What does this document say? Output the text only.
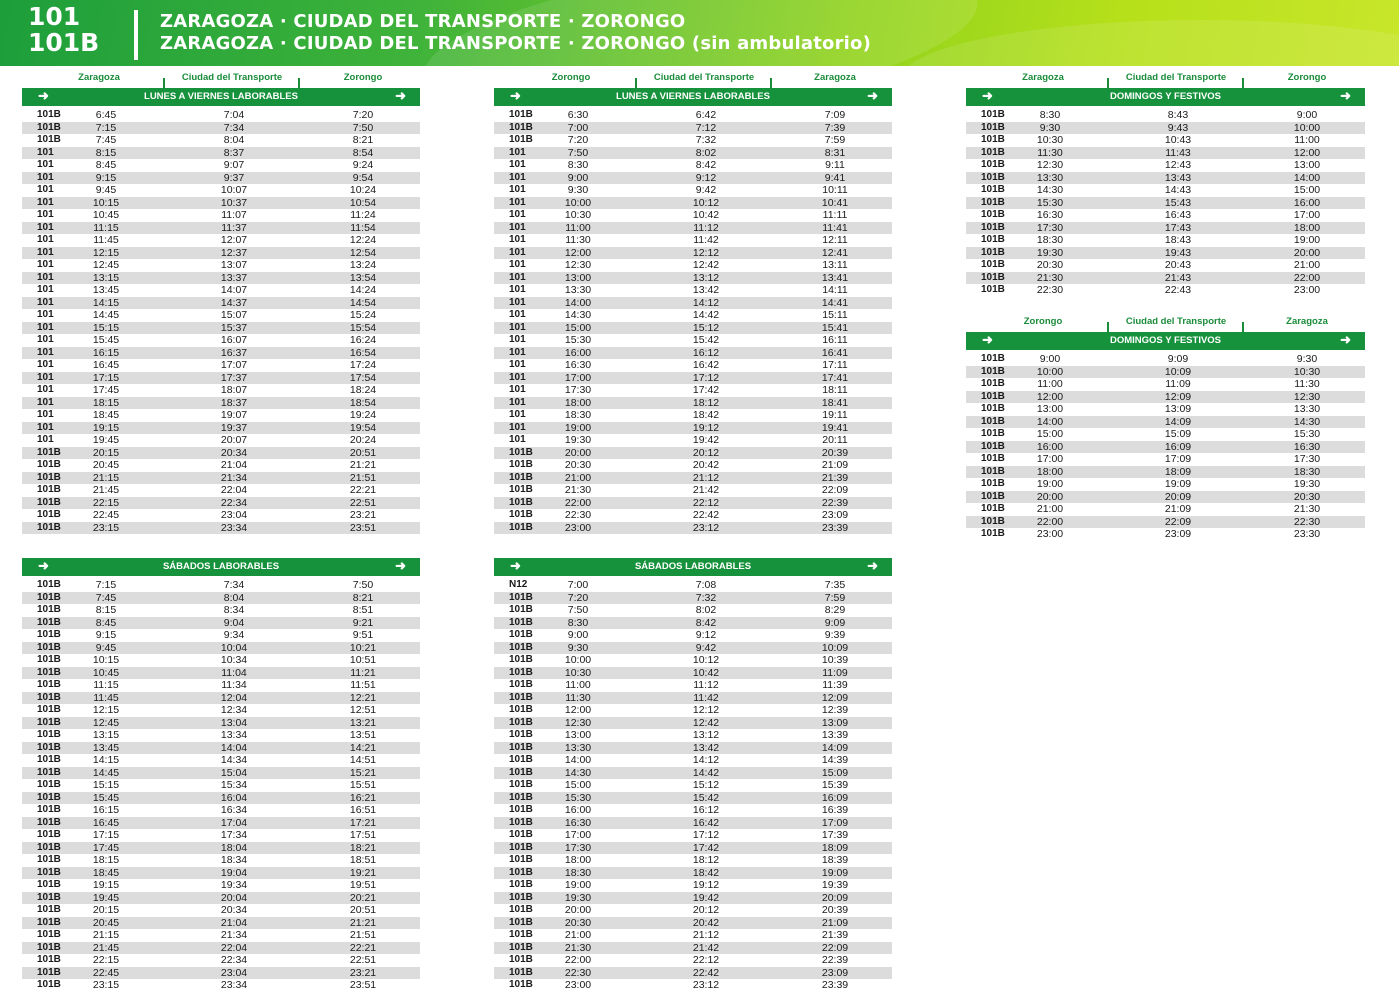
101
101B
ZARAGOZA · CIUDAD DEL TRANSPORTE · ZORONGO
ZARAGOZA · CIUDAD DEL TRANSPORTE · ZORONGO (sin ambulatorio)
Zaragoza	Ciudad del Transporte	Zorongo
➜	LUNES A VIERNES LABORABLES	➜
101B	6:45	7:04	7:20
101B	7:15	7:34	7:50
101B	7:45	8:04	8:21
101	8:15	8:37	8:54
101	8:45	9:07	9:24
101	9:15	9:37	9:54
101	9:45	10:07	10:24
101	10:15	10:37	10:54
101	10:45	11:07	11:24
101	11:15	11:37	11:54
101	11:45	12:07	12:24
101	12:15	12:37	12:54
101	12:45	13:07	13:24
101	13:15	13:37	13:54
101	13:45	14:07	14:24
101	14:15	14:37	14:54
101	14:45	15:07	15:24
101	15:15	15:37	15:54
101	15:45	16:07	16:24
101	16:15	16:37	16:54
101	16:45	17:07	17:24
101	17:15	17:37	17:54
101	17:45	18:07	18:24
101	18:15	18:37	18:54
101	18:45	19:07	19:24
101	19:15	19:37	19:54
101	19:45	20:07	20:24
101B	20:15	20:34	20:51
101B	20:45	21:04	21:21
101B	21:15	21:34	21:51
101B	21:45	22:04	22:21
101B	22:15	22:34	22:51
101B	22:45	23:04	23:21
101B	23:15	23:34	23:51
Zorongo	Ciudad del Transporte	Zaragoza
➜	LUNES A VIERNES LABORABLES	➜
101B	6:30	6:42	7:09
101B	7:00	7:12	7:39
101B	7:20	7:32	7:59
101	7:50	8:02	8:31
101	8:30	8:42	9:11
101	9:00	9:12	9:41
101	9:30	9:42	10:11
101	10:00	10:12	10:41
101	10:30	10:42	11:11
101	11:00	11:12	11:41
101	11:30	11:42	12:11
101	12:00	12:12	12:41
101	12:30	12:42	13:11
101	13:00	13:12	13:41
101	13:30	13:42	14:11
101	14:00	14:12	14:41
101	14:30	14:42	15:11
101	15:00	15:12	15:41
101	15:30	15:42	16:11
101	16:00	16:12	16:41
101	16:30	16:42	17:11
101	17:00	17:12	17:41
101	17:30	17:42	18:11
101	18:00	18:12	18:41
101	18:30	18:42	19:11
101	19:00	19:12	19:41
101	19:30	19:42	20:11
101B	20:00	20:12	20:39
101B	20:30	20:42	21:09
101B	21:00	21:12	21:39
101B	21:30	21:42	22:09
101B	22:00	22:12	22:39
101B	22:30	22:42	23:09
101B	23:00	23:12	23:39
Zaragoza	Ciudad del Transporte	Zorongo
➜	DOMINGOS Y FESTIVOS	➜
101B	8:30	8:43	9:00
101B	9:30	9:43	10:00
101B	10:30	10:43	11:00
101B	11:30	11:43	12:00
101B	12:30	12:43	13:00
101B	13:30	13:43	14:00
101B	14:30	14:43	15:00
101B	15:30	15:43	16:00
101B	16:30	16:43	17:00
101B	17:30	17:43	18:00
101B	18:30	18:43	19:00
101B	19:30	19:43	20:00
101B	20:30	20:43	21:00
101B	21:30	21:43	22:00
101B	22:30	22:43	23:00
Zorongo	Ciudad del Transporte	Zaragoza
➜	DOMINGOS Y FESTIVOS	➜
101B	9:00	9:09	9:30
101B	10:00	10:09	10:30
101B	11:00	11:09	11:30
101B	12:00	12:09	12:30
101B	13:00	13:09	13:30
101B	14:00	14:09	14:30
101B	15:00	15:09	15:30
101B	16:00	16:09	16:30
101B	17:00	17:09	17:30
101B	18:00	18:09	18:30
101B	19:00	19:09	19:30
101B	20:00	20:09	20:30
101B	21:00	21:09	21:30
101B	22:00	22:09	22:30
101B	23:00	23:09	23:30
➜	SÁBADOS LABORABLES	➜
101B	7:15	7:34	7:50
101B	7:45	8:04	8:21
101B	8:15	8:34	8:51
101B	8:45	9:04	9:21
101B	9:15	9:34	9:51
101B	9:45	10:04	10:21
101B	10:15	10:34	10:51
101B	10:45	11:04	11:21
101B	11:15	11:34	11:51
101B	11:45	12:04	12:21
101B	12:15	12:34	12:51
101B	12:45	13:04	13:21
101B	13:15	13:34	13:51
101B	13:45	14:04	14:21
101B	14:15	14:34	14:51
101B	14:45	15:04	15:21
101B	15:15	15:34	15:51
101B	15:45	16:04	16:21
101B	16:15	16:34	16:51
101B	16:45	17:04	17:21
101B	17:15	17:34	17:51
101B	17:45	18:04	18:21
101B	18:15	18:34	18:51
101B	18:45	19:04	19:21
101B	19:15	19:34	19:51
101B	19:45	20:04	20:21
101B	20:15	20:34	20:51
101B	20:45	21:04	21:21
101B	21:15	21:34	21:51
101B	21:45	22:04	22:21
101B	22:15	22:34	22:51
101B	22:45	23:04	23:21
101B	23:15	23:34	23:51
➜	SÁBADOS LABORABLES	➜
N12	7:00	7:08	7:35
101B	7:20	7:32	7:59
101B	7:50	8:02	8:29
101B	8:30	8:42	9:09
101B	9:00	9:12	9:39
101B	9:30	9:42	10:09
101B	10:00	10:12	10:39
101B	10:30	10:42	11:09
101B	11:00	11:12	11:39
101B	11:30	11:42	12:09
101B	12:00	12:12	12:39
101B	12:30	12:42	13:09
101B	13:00	13:12	13:39
101B	13:30	13:42	14:09
101B	14:00	14:12	14:39
101B	14:30	14:42	15:09
101B	15:00	15:12	15:39
101B	15:30	15:42	16:09
101B	16:00	16:12	16:39
101B	16:30	16:42	17:09
101B	17:00	17:12	17:39
101B	17:30	17:42	18:09
101B	18:00	18:12	18:39
101B	18:30	18:42	19:09
101B	19:00	19:12	19:39
101B	19:30	19:42	20:09
101B	20:00	20:12	20:39
101B	20:30	20:42	21:09
101B	21:00	21:12	21:39
101B	21:30	21:42	22:09
101B	22:00	22:12	22:39
101B	22:30	22:42	23:09
101B	23:00	23:12	23:39
